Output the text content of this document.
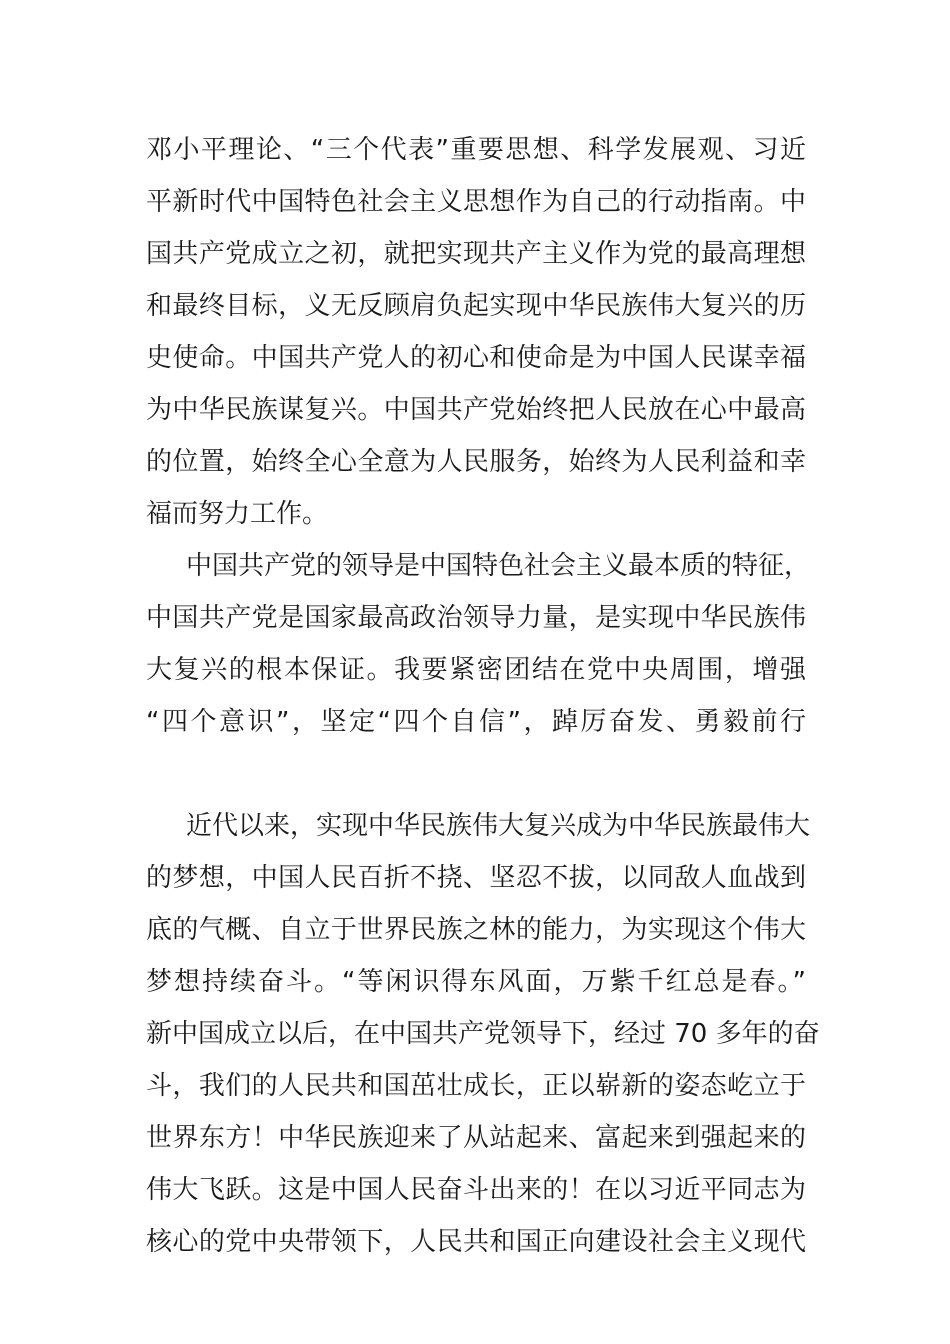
邓小平理论、“三个代表”重要思想、科学发展观、习近
平新时代中国特色社会主义思想作为自己的行动指南。中
国共产党成立之初，就把实现共产主义作为党的最高理想
和最终目标，义无反顾肩负起实现中华民族伟大复兴的历
史使命。中国共产党人的初心和使命是为中国人民谋幸福
为中华民族谋复兴。中国共产党始终把人民放在心中最高
的位置，始终全心全意为人民服务，始终为人民利益和幸
福而努力工作。
中国共产党的领导是中国特色社会主义最本质的特征，
中国共产党是国家最高政治领导力量，是实现中华民族伟
大复兴的根本保证。我要紧密团结在党中央周围，增强
“四个意识”，坚定“四个自信”，踔厉奋发、勇毅前行
近代以来，实现中华民族伟大复兴成为中华民族最伟大
的梦想，中国人民百折不挠、坚忍不拔，以同敌人血战到
底的气概、自立于世界民族之林的能力，为实现这个伟大
梦想持续奋斗。“等闲识得东风面，万紫千红总是春。”
新中国成立以后，在中国共产党领导下，经过 70 多年的奋
斗，我们的人民共和国茁壮成长，正以崭新的姿态屹立于
世界东方！中华民族迎来了从站起来、富起来到强起来的
伟大飞跃。这是中国人民奋斗出来的！在以习近平同志为
核心的党中央带领下，人民共和国正向建设社会主义现代
